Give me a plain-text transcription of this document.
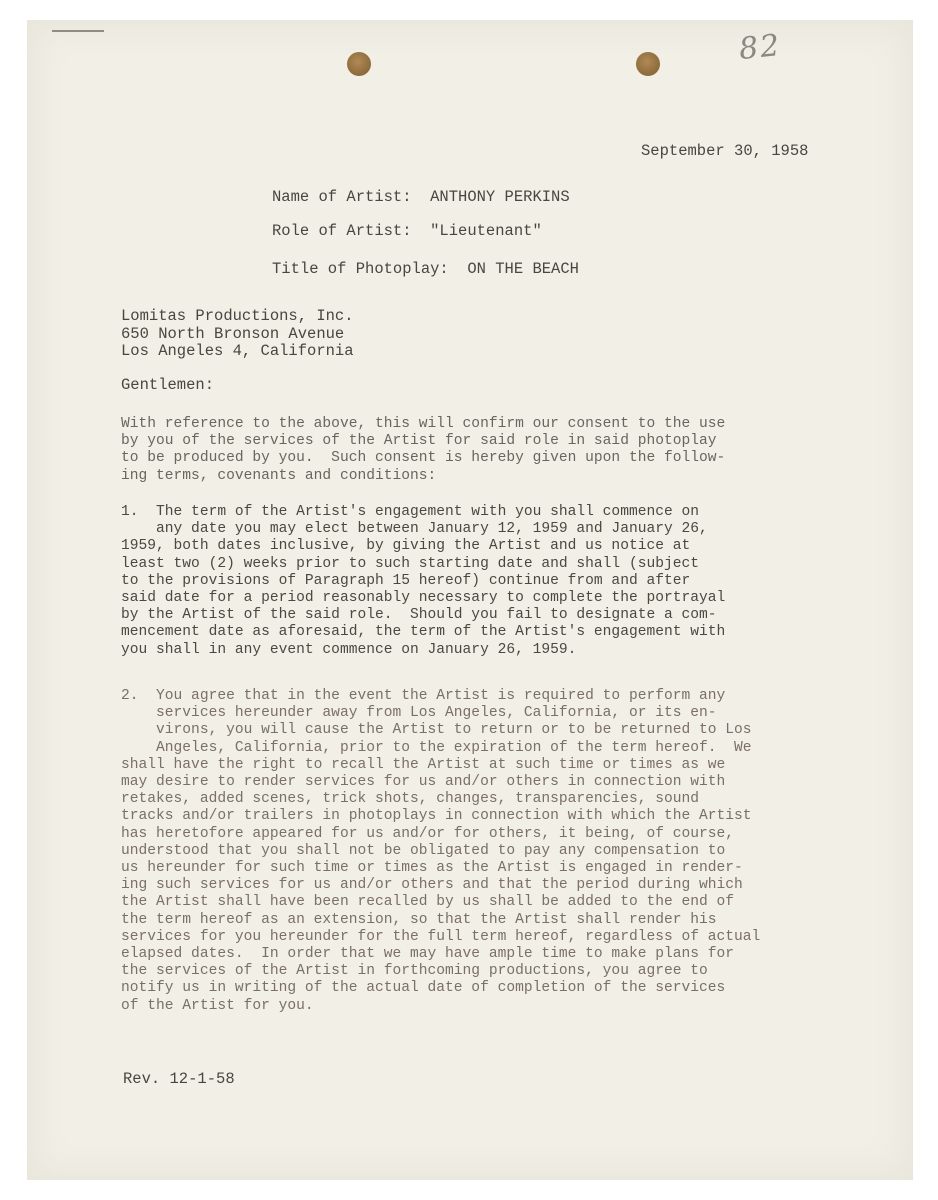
82
September 30, 1958
Name of Artist:  ANTHONY PERKINS
Role of Artist:  "Lieutenant"
Title of Photoplay:  ON THE BEACH
Lomitas Productions, Inc.
650 North Bronson Avenue
Los Angeles 4, California
Gentlemen:
With reference to the above, this will confirm our consent to the use
by you of the services of the Artist for said role in said photoplay
to be produced by you.  Such consent is hereby given upon the follow-
ing terms, covenants and conditions:
1.  The term of the Artist's engagement with you shall commence on
any date you may elect between January 12, 1959 and January 26,
1959, both dates inclusive, by giving the Artist and us notice at
least two (2) weeks prior to such starting date and shall (subject
to the provisions of Paragraph 15 hereof) continue from and after
said date for a period reasonably necessary to complete the portrayal
by the Artist of the said role.  Should you fail to designate a com-
mencement date as aforesaid, the term of the Artist's engagement with
you shall in any event commence on January 26, 1959.
2.  You agree that in the event the Artist is required to perform any
services hereunder away from Los Angeles, California, or its en-
virons, you will cause the Artist to return or to be returned to Los
Angeles, California, prior to the expiration of the term hereof.  We
shall have the right to recall the Artist at such time or times as we
may desire to render services for us and/or others in connection with
retakes, added scenes, trick shots, changes, transparencies, sound
tracks and/or trailers in photoplays in connection with which the Artist
has heretofore appeared for us and/or for others, it being, of course,
understood that you shall not be obligated to pay any compensation to
us hereunder for such time or times as the Artist is engaged in render-
ing such services for us and/or others and that the period during which
the Artist shall have been recalled by us shall be added to the end of
the term hereof as an extension, so that the Artist shall render his
services for you hereunder for the full term hereof, regardless of actual
elapsed dates.  In order that we may have ample time to make plans for
the services of the Artist in forthcoming productions, you agree to
notify us in writing of the actual date of completion of the services
of the Artist for you.
Rev. 12-1-58
